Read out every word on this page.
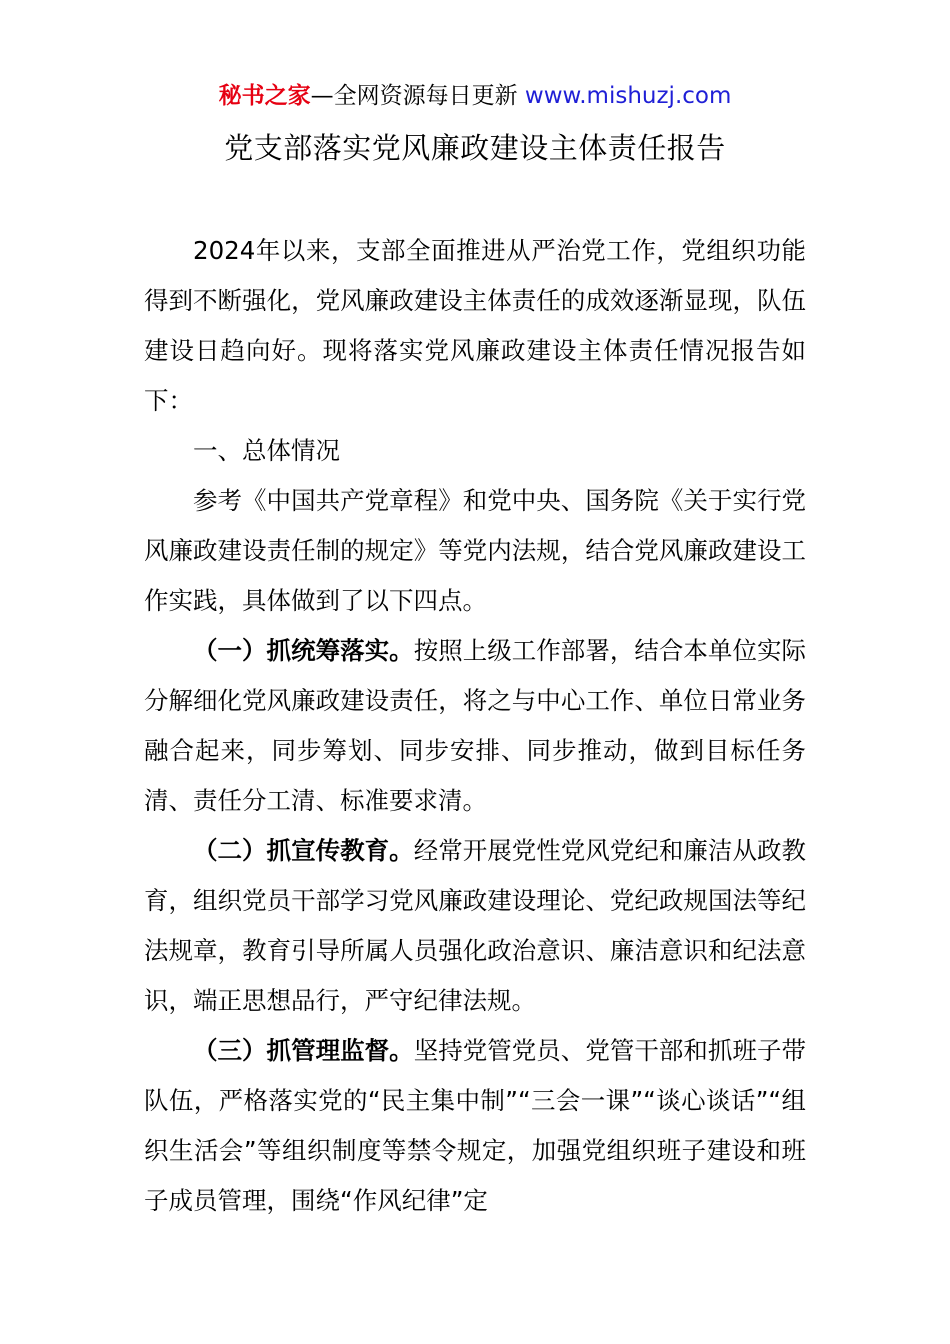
秘书之家—全网资源每日更新 www.mishuzj.com
党支部落实党风廉政建设主体责任报告

2024年以来，支部全面推进从严治党工作，党组织功能得到不断强化，党风廉政建设主体责任的成效逐渐显现，队伍建设日趋向好。现将落实党风廉政建设主体责任情况报告如下：

一、总体情况

参考《中国共产党章程》和党中央、国务院《关于实行党风廉政建设责任制的规定》等党内法规，结合党风廉政建设工作实践，具体做到了以下四点。

（一）抓统筹落实。按照上级工作部署，结合本单位实际分解细化党风廉政建设责任，将之与中心工作、单位日常业务融合起来，同步筹划、同步安排、同步推动，做到目标任务清、责任分工清、标准要求清。

（二）抓宣传教育。经常开展党性党风党纪和廉洁从政教育，组织党员干部学习党风廉政建设理论、党纪政规国法等纪法规章，教育引导所属人员强化政治意识、廉洁意识和纪法意识，端正思想品行，严守纪律法规。

（三）抓管理监督。坚持党管党员、党管干部和抓班子带队伍，严格落实党的“民主集中制”“三会一课”“谈心谈话”“组织生活会”等组织制度等禁令规定，加强党组织班子建设和班子成员管理，围绕“作风纪律”定
